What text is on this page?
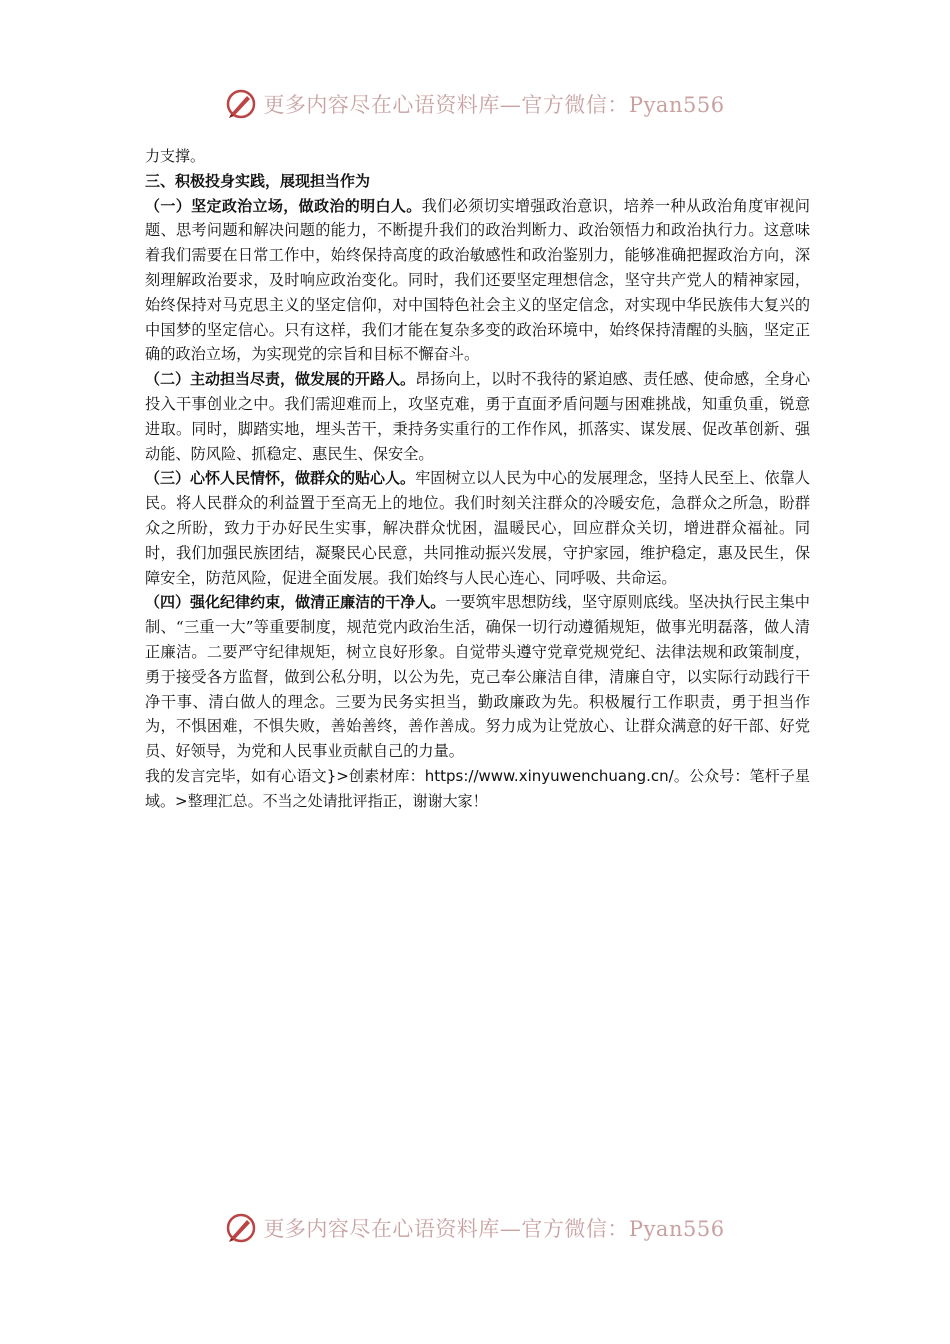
更多内容尽在心语资料库—官方微信：Pyan556

力支撑。

三、积极投身实践，展现担当作为

（一）坚定政治立场，做政治的明白人。我们必须切实增强政治意识，培养一种从政治角度审视问题、思考问题和解决问题的能力，不断提升我们的政治判断力、政治领悟力和政治执行力。这意味着我们需要在日常工作中，始终保持高度的政治敏感性和政治鉴别力，能够准确把握政治方向，深刻理解政治要求，及时响应政治变化。同时，我们还要坚定理想信念，坚守共产党人的精神家园，始终保持对马克思主义的坚定信仰，对中国特色社会主义的坚定信念，对实现中华民族伟大复兴的中国梦的坚定信心。只有这样，我们才能在复杂多变的政治环境中，始终保持清醒的头脑，坚定正确的政治立场，为实现党的宗旨和目标不懈奋斗。

（二）主动担当尽责，做发展的开路人。昂扬向上，以时不我待的紧迫感、责任感、使命感，全身心投入干事创业之中。我们需迎难而上，攻坚克难，勇于直面矛盾问题与困难挑战，知重负重，锐意进取。同时，脚踏实地，埋头苦干，秉持务实重行的工作作风，抓落实、谋发展、促改革创新、强动能、防风险、抓稳定、惠民生、保安全。

（三）心怀人民情怀，做群众的贴心人。牢固树立以人民为中心的发展理念，坚持人民至上、依靠人民。将人民群众的利益置于至高无上的地位。我们时刻关注群众的冷暖安危，急群众之所急，盼群众之所盼，致力于办好民生实事，解决群众忧困，温暖民心，回应群众关切，增进群众福祉。同时，我们加强民族团结，凝聚民心民意，共同推动振兴发展，守护家园，维护稳定，惠及民生，保障安全，防范风险，促进全面发展。我们始终与人民心连心、同呼吸、共命运。

（四）强化纪律约束，做清正廉洁的干净人。一要筑牢思想防线，坚守原则底线。坚决执行民主集中制、“三重一大”等重要制度，规范党内政治生活，确保一切行动遵循规矩，做事光明磊落，做人清正廉洁。二要严守纪律规矩，树立良好形象。自觉带头遵守党章党规党纪、法律法规和政策制度，勇于接受各方监督，做到公私分明，以公为先，克己奉公廉洁自律，清廉自守，以实际行动践行干净干事、清白做人的理念。三要为民务实担当，勤政廉政为先。积极履行工作职责，勇于担当作为，不惧困难，不惧失败，善始善终，善作善成。努力成为让党放心、让群众满意的好干部、好党员、好领导，为党和人民事业贡献自己的力量。

我的发言完毕，如有心语文}>创素材库：https://www.xinyuwenchuang.cn/。公众号：笔杆子星域。>整理汇总。不当之处请批评指正，谢谢大家！

更多内容尽在心语资料库—官方微信：Pyan556
